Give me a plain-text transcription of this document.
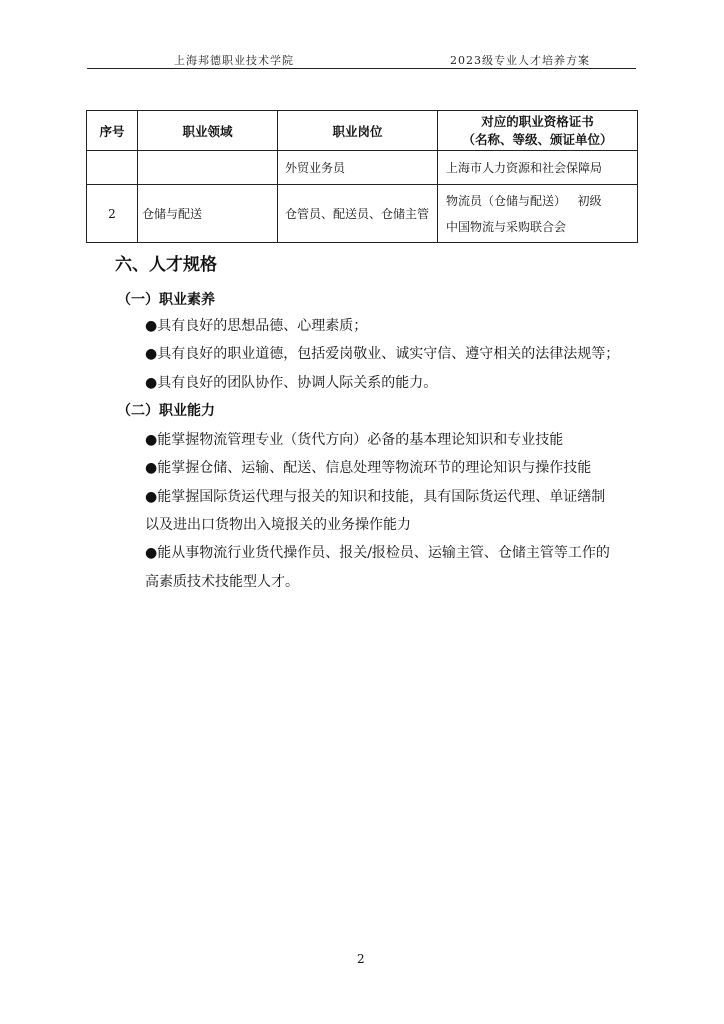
上海邦德职业技术学院	2023级专业人才培养方案
序号	职业领域	职业岗位	对应的职业资格证书
（名称、等级、颁证单位）

		外贸业务员	上海市人力资源和社会保障局

2	仓储与配送	仓管员、配送员、仓储主管	物流员（仓储与配送）   初级
中国物流与采购联合会
六、人才规格
（一）职业素养
●具有良好的思想品德、心理素质；
●具有良好的职业道德，包括爱岗敬业、诚实守信、遵守相关的法律法规等；
●具有良好的团队协作、协调人际关系的能力。
（二）职业能力
●能掌握物流管理专业（货代方向）必备的基本理论知识和专业技能
●能掌握仓储、运输、配送、信息处理等物流环节的理论知识与操作技能
●能掌握国际货运代理与报关的知识和技能，具有国际货运代理、单证缮制
以及进出口货物出入境报关的业务操作能力
●能从事物流行业货代操作员、报关/报检员、运输主管、仓储主管等工作的
高素质技术技能型人才。
2
